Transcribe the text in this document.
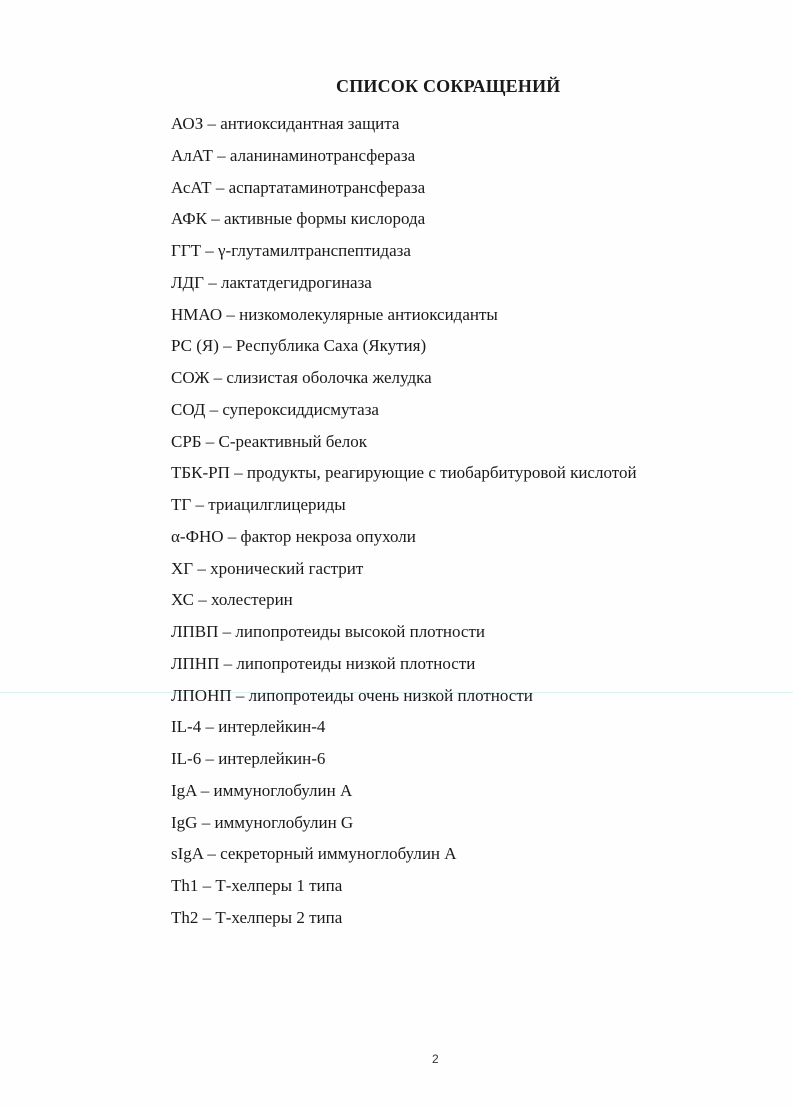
СПИСОК СОКРАЩЕНИЙ
АОЗ – антиоксидантная защита
АлАТ – аланинаминотрансфераза
АсАТ – аспартатаминотрансфераза
АФК – активные формы кислорода
ГГТ – γ-глутамилтранспептидаза
ЛДГ – лактатдегидрогиназа
НМАО – низкомолекулярные антиоксиданты
РС (Я) – Республика Саха (Якутия)
СОЖ – слизистая оболочка желудка
СОД – супероксиддисмутаза
СРБ – С-реактивный белок
ТБК-РП – продукты, реагирующие с тиобарбитуровой кислотой
ТГ – триацилглицериды
α-ФНО – фактор некроза опухоли
ХГ – хронический гастрит
ХС – холестерин
ЛПВП – липопротеиды высокой плотности
ЛПНП – липопротеиды низкой плотности
ЛПОНП – липопротеиды очень низкой плотности
IL-4 – интерлейкин-4
IL-6 – интерлейкин-6
IgA – иммуноглобулин А
IgG – иммуноглобулин G
sIgA – секреторный иммуноглобулин А
Th1 – Т-хелперы 1 типа
Th2 – Т-хелперы 2 типа
2
